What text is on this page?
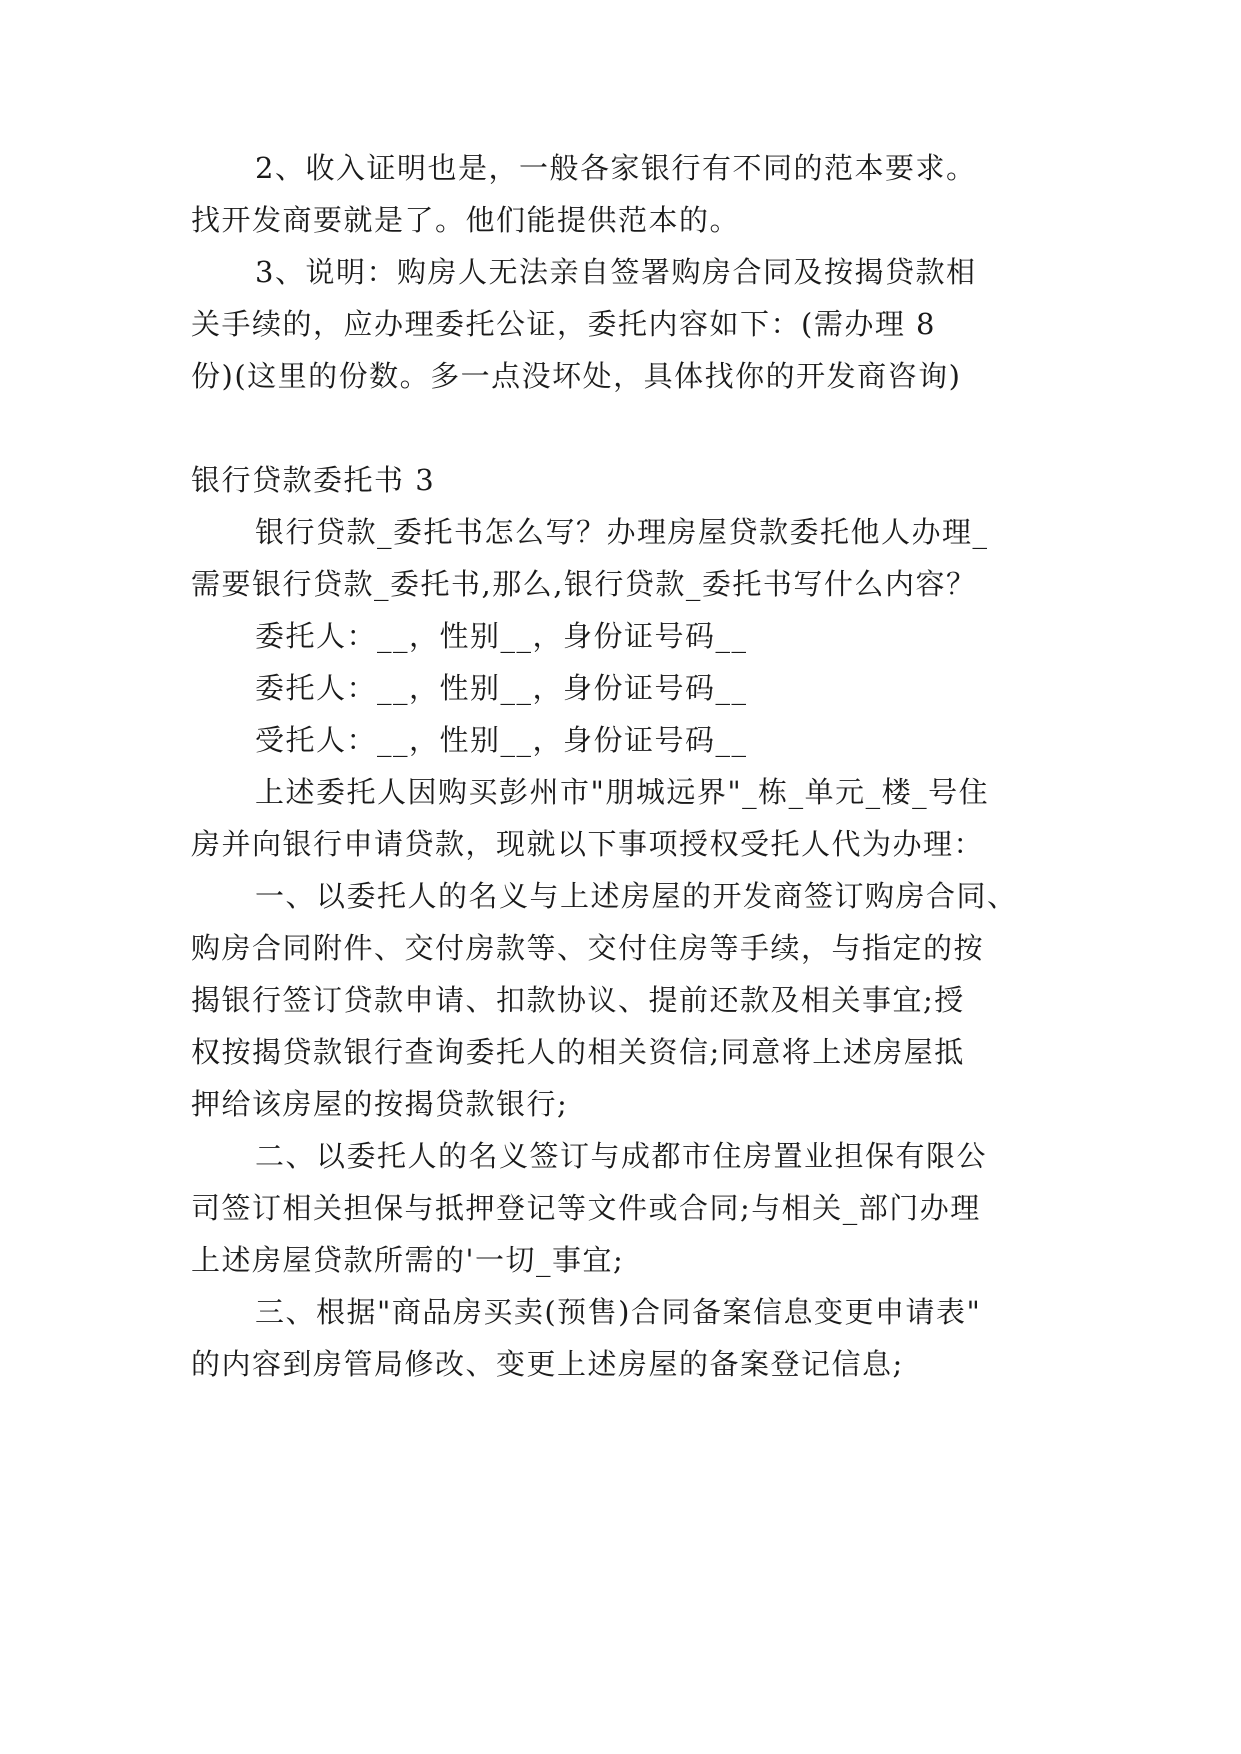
2、收入证明也是，一般各家银行有不同的范本要求。
找开发商要就是了。他们能提供范本的。
3、说明：购房人无法亲自签署购房合同及按揭贷款相
关手续的，应办理委托公证，委托内容如下：(需办理 8
份)(这里的份数。多一点没坏处，具体找你的开发商咨询)
银行贷款委托书 3
银行贷款_委托书怎么写？办理房屋贷款委托他人办理_
需要银行贷款_委托书,那么,银行贷款_委托书写什么内容？
委托人：__，性别__，身份证号码__
委托人：__，性别__，身份证号码__
受托人：__，性别__，身份证号码__
上述委托人因购买彭州市"朋城远界"_栋_单元_楼_号住
房并向银行申请贷款，现就以下事项授权受托人代为办理：
一、以委托人的名义与上述房屋的开发商签订购房合同、
购房合同附件、交付房款等、交付住房等手续，与指定的按
揭银行签订贷款申请、扣款协议、提前还款及相关事宜;授
权按揭贷款银行查询委托人的相关资信;同意将上述房屋抵
押给该房屋的按揭贷款银行;
二、以委托人的名义签订与成都市住房置业担保有限公
司签订相关担保与抵押登记等文件或合同;与相关_部门办理
上述房屋贷款所需的'一切_事宜;
三、根据"商品房买卖(预售)合同备案信息变更申请表"
的内容到房管局修改、变更上述房屋的备案登记信息;
